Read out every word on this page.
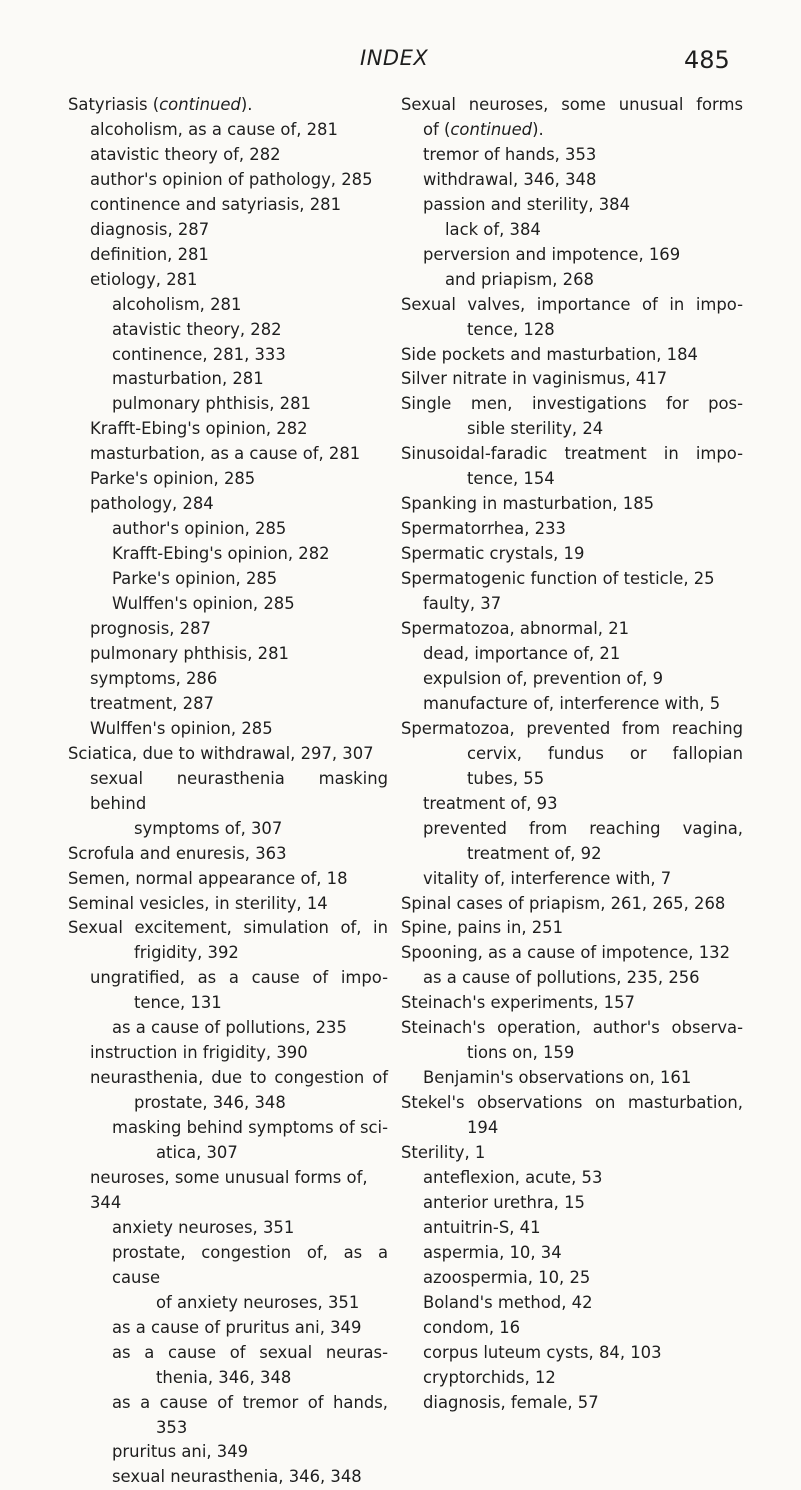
INDEX	485
Satyriasis (continued).
alcoholism, as a cause of, 281
atavistic theory of, 282
author's opinion of pathology, 285
continence and satyriasis, 281
diagnosis, 287
definition, 281
etiology, 281
alcoholism, 281
atavistic theory, 282
continence, 281, 333
masturbation, 281
pulmonary phthisis, 281
Krafft-Ebing's opinion, 282
masturbation, as a cause of, 281
Parke's opinion, 285
pathology, 284
author's opinion, 285
Krafft-Ebing's opinion, 282
Parke's opinion, 285
Wulffen's opinion, 285
prognosis, 287
pulmonary phthisis, 281
symptoms, 286
treatment, 287
Wulffen's opinion, 285
Sciatica, due to withdrawal, 297, 307
sexual neurasthenia masking behind
symptoms of, 307
Scrofula and enuresis, 363
Semen, normal appearance of, 18
Seminal vesicles, in sterility, 14
Sexual excitement, simulation of, in
frigidity, 392
ungratified, as a cause of impo-
tence, 131
as a cause of pollutions, 235
instruction in frigidity, 390
neurasthenia, due to congestion of
prostate, 346, 348
masking behind symptoms of sci-
atica, 307
neuroses, some unusual forms of, 344
anxiety neuroses, 351
prostate, congestion of, as a cause
of anxiety neuroses, 351
as a cause of pruritus ani, 349
as a cause of sexual neuras-
thenia, 346, 348
as a cause of tremor of hands,
353
pruritus ani, 349
sexual neurasthenia, 346, 348
Sexual neuroses, some unusual forms
of (continued).
tremor of hands, 353
withdrawal, 346, 348
passion and sterility, 384
lack of, 384
perversion and impotence, 169
and priapism, 268
Sexual valves, importance of in impo-
tence, 128
Side pockets and masturbation, 184
Silver nitrate in vaginismus, 417
Single men, investigations for pos-
sible sterility, 24
Sinusoidal-faradic treatment in impo-
tence, 154
Spanking in masturbation, 185
Spermatorrhea, 233
Spermatic crystals, 19
Spermatogenic function of testicle, 25
faulty, 37
Spermatozoa, abnormal, 21
dead, importance of, 21
expulsion of, prevention of, 9
manufacture of, interference with, 5
Spermatozoa, prevented from reaching
cervix, fundus or fallopian
tubes, 55
treatment of, 93
prevented from reaching vagina,
treatment of, 92
vitality of, interference with, 7
Spinal cases of priapism, 261, 265, 268
Spine, pains in, 251
Spooning, as a cause of impotence, 132
as a cause of pollutions, 235, 256
Steinach's experiments, 157
Steinach's operation, author's observa-
tions on, 159
Benjamin's observations on, 161
Stekel's observations on masturbation,
194
Sterility, 1
anteflexion, acute, 53
anterior urethra, 15
antuitrin-S, 41
aspermia, 10, 34
azoospermia, 10, 25
Boland's method, 42
condom, 16
corpus luteum cysts, 84, 103
cryptorchids, 12
diagnosis, female, 57
